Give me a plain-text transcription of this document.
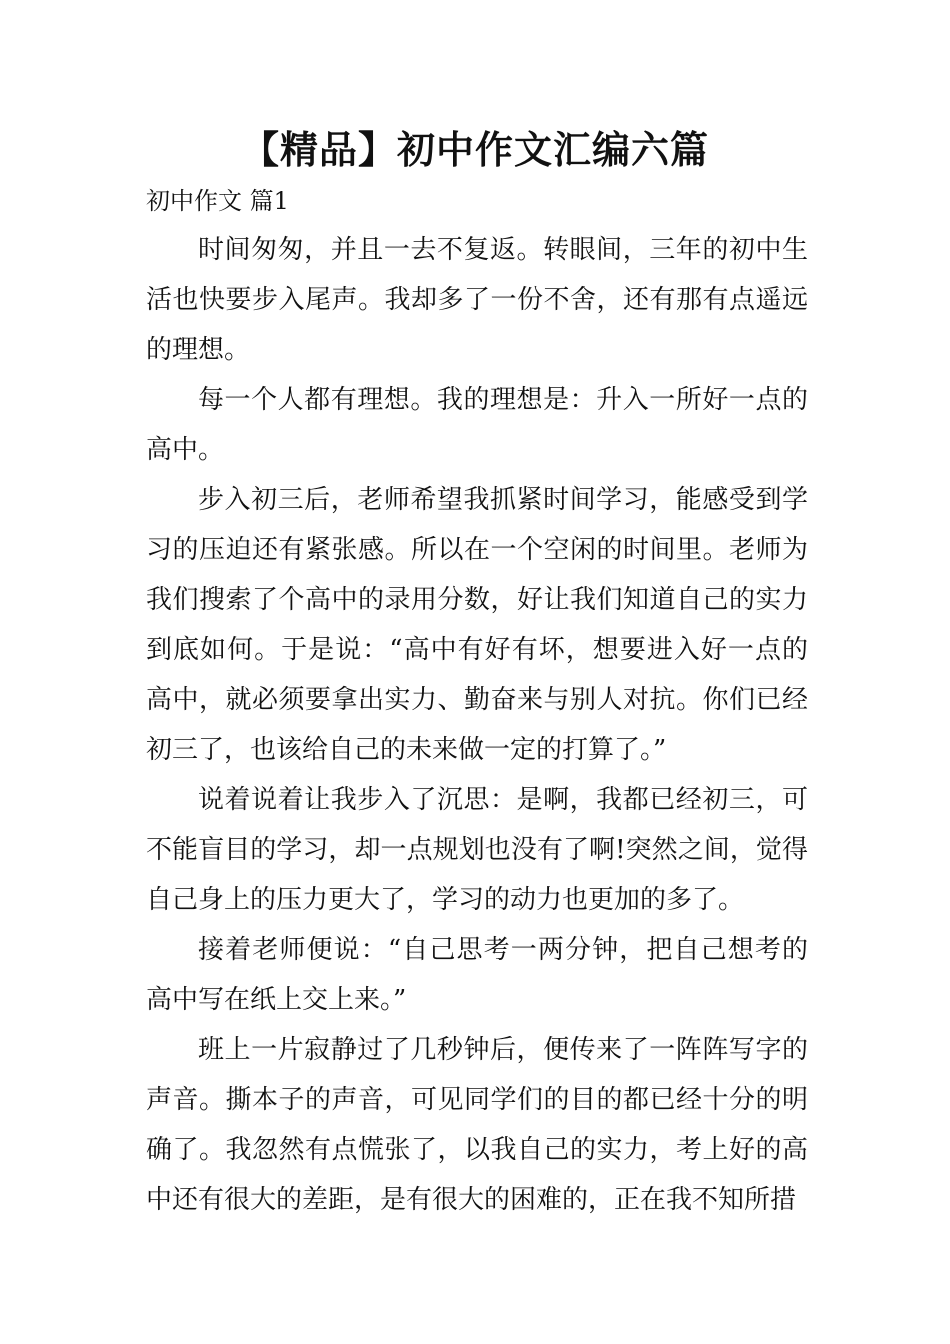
【精品】初中作文汇编六篇
初中作文 篇1

时间匆匆，并且一去不复返。转眼间，三年的初中生活也快要步入尾声。我却多了一份不舍，还有那有点遥远的理想。

每一个人都有理想。我的理想是：升入一所好一点的高中。

步入初三后，老师希望我抓紧时间学习，能感受到学习的压迫还有紧张感。所以在一个空闲的时间里。老师为我们搜索了个高中的录用分数，好让我们知道自己的实力到底如何。于是说：“高中有好有坏，想要进入好一点的高中，就必须要拿出实力、勤奋来与别人对抗。你们已经初三了，也该给自己的未来做一定的打算了。”

说着说着让我步入了沉思：是啊，我都已经初三，可不能盲目的学习，却一点规划也没有了啊!突然之间，觉得自己身上的压力更大了，学习的动力也更加的多了。

接着老师便说：“自己思考一两分钟，把自己想考的高中写在纸上交上来。”

班上一片寂静过了几秒钟后，便传来了一阵阵写字的声音。撕本子的声音，可见同学们的目的都已经十分的明确了。我忽然有点慌张了，以我自己的实力，考上好的高中还有很大的差距，是有很大的困难的，正在我不知所措
